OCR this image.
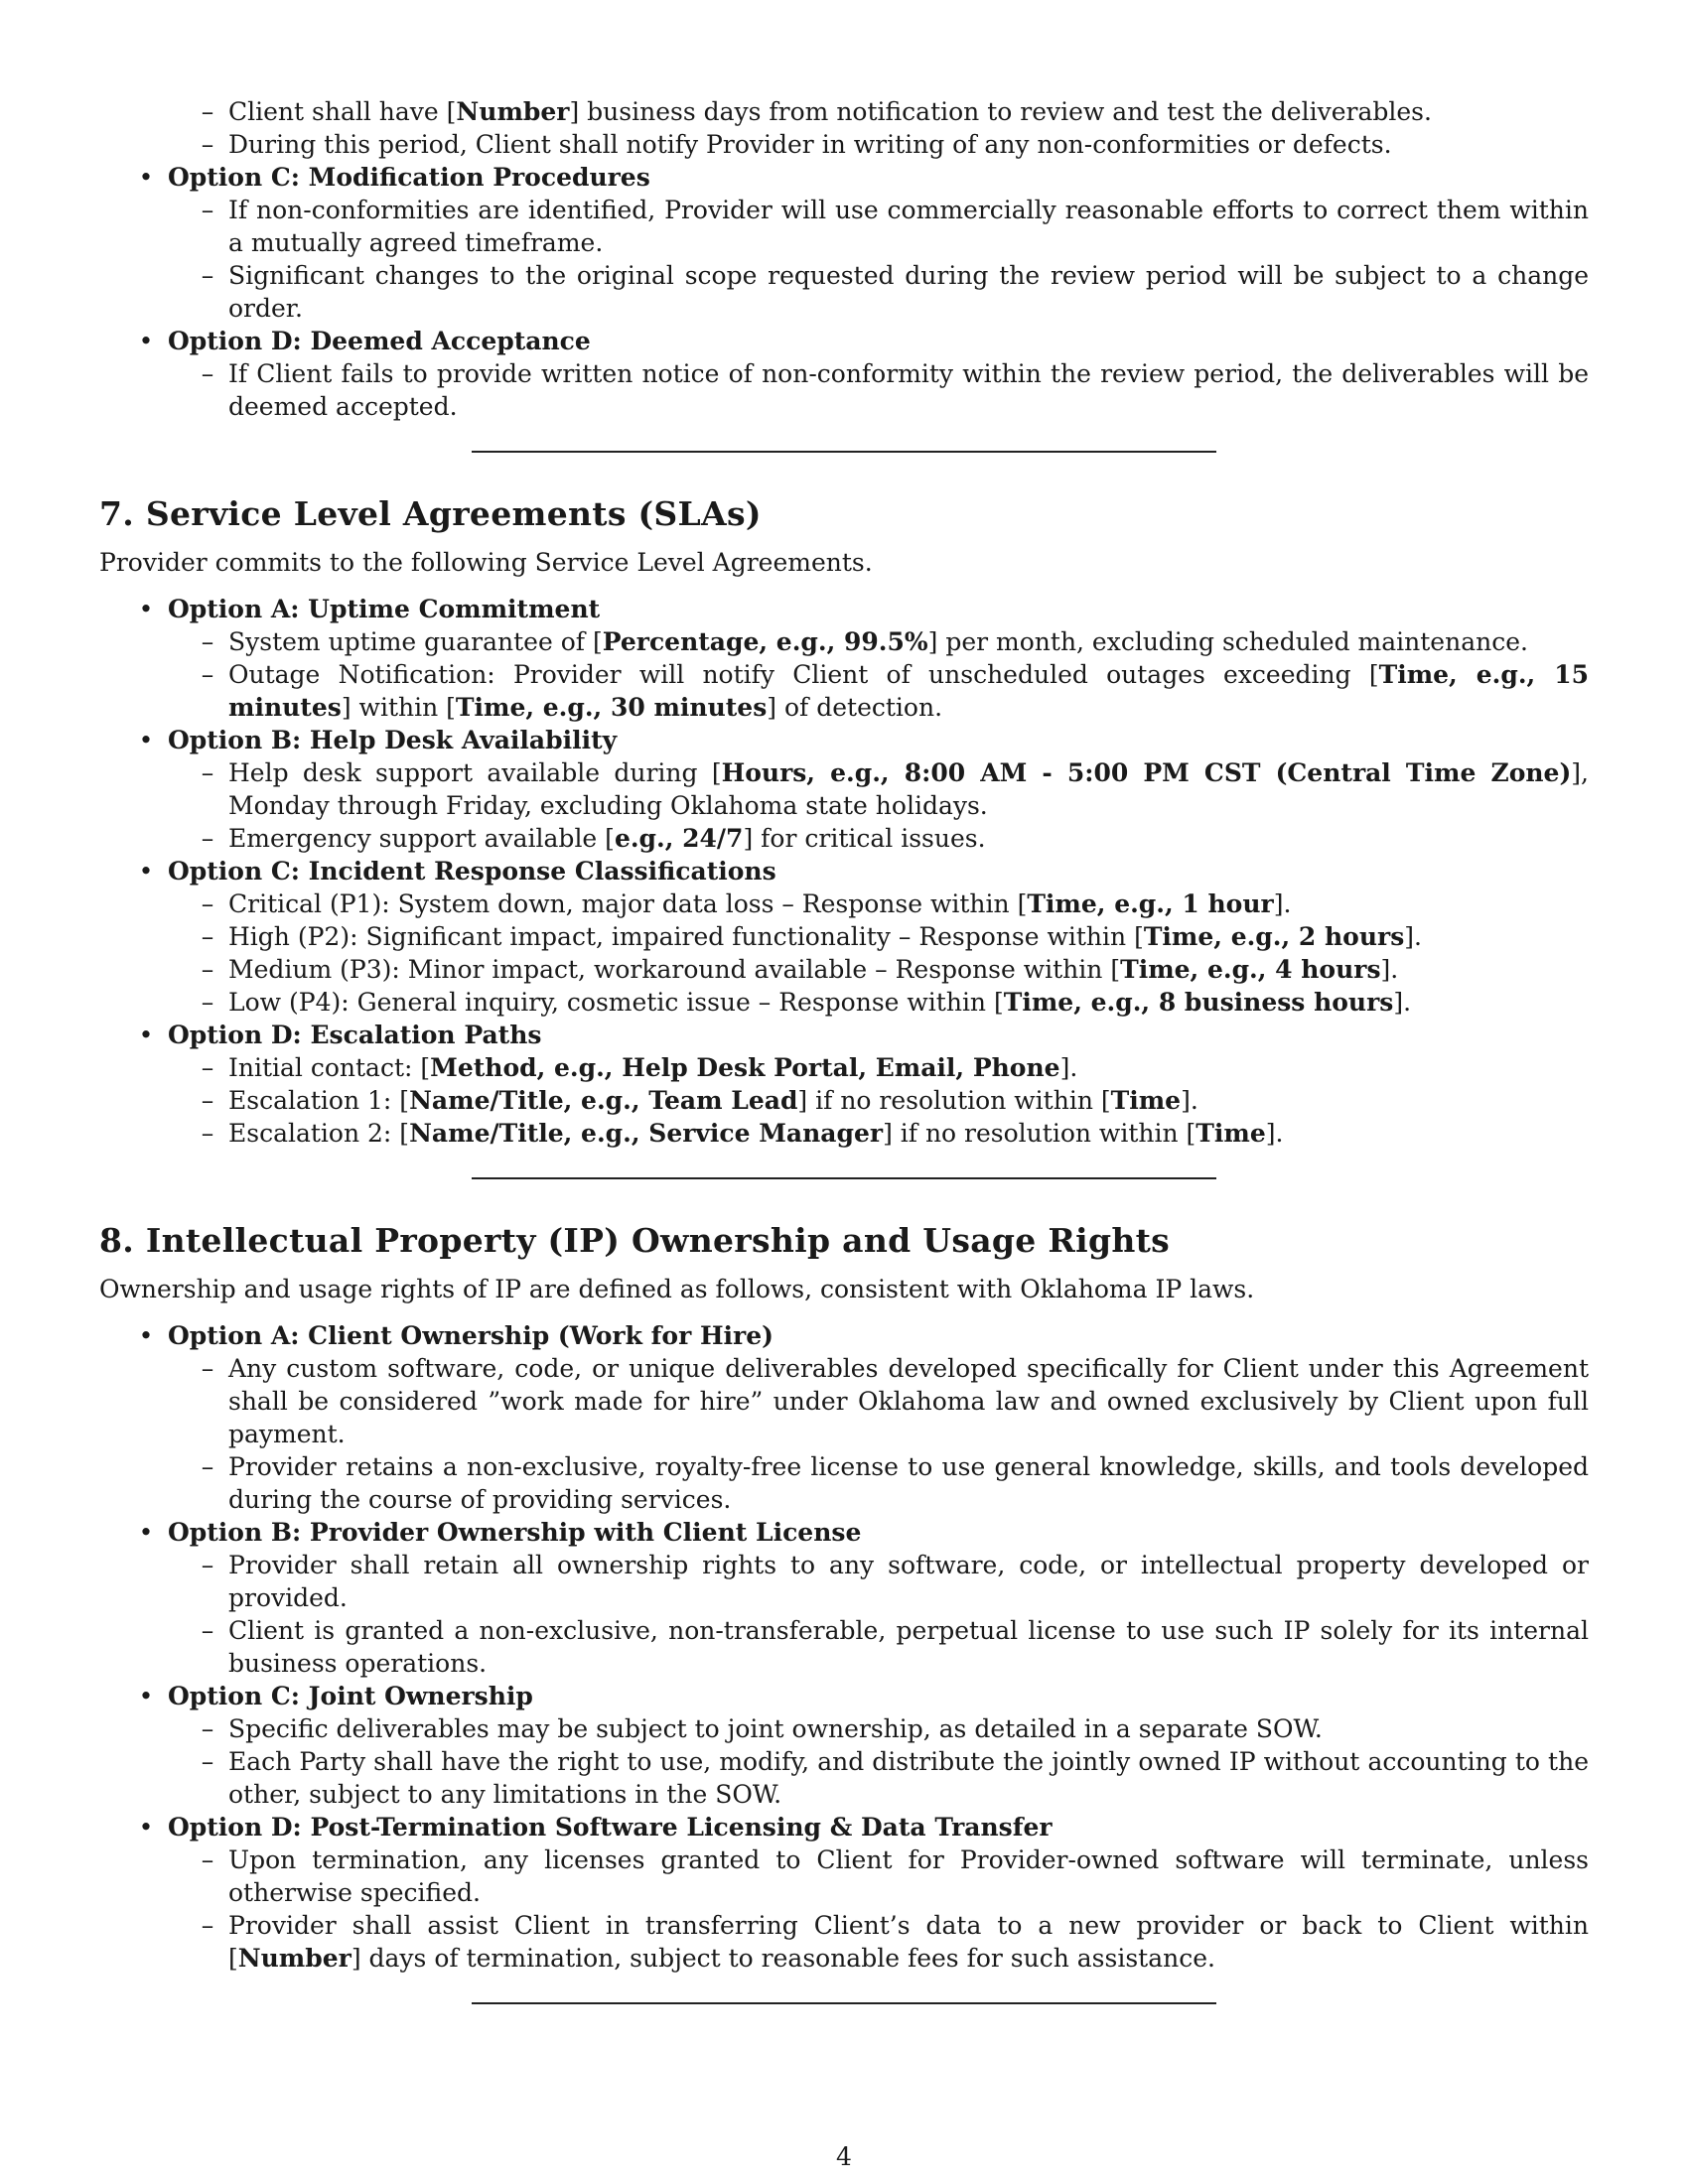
– Client shall have [Number] business days from notification to review and test the deliverables.
– During this period, Client shall notify Provider in writing of any non-conformities or defects.
• Option C: Modification Procedures
– If non-conformities are identified, Provider will use commercially reasonable efforts to correct them within a mutually agreed timeframe.
– Significant changes to the original scope requested during the review period will be subject to a change order.
• Option D: Deemed Acceptance
– If Client fails to provide written notice of non-conformity within the review period, the deliverables will be deemed accepted.
7. Service Level Agreements (SLAs)

Provider commits to the following Service Level Agreements.

• Option A: Uptime Commitment
– System uptime guarantee of [Percentage, e.g., 99.5%] per month, excluding scheduled maintenance.
– Outage Notification: Provider will notify Client of unscheduled outages exceeding [Time, e.g., 15 minutes] within [Time, e.g., 30 minutes] of detection.
• Option B: Help Desk Availability
– Help desk support available during [Hours, e.g., 8:00 AM - 5:00 PM CST (Central Time Zone)], Monday through Friday, excluding Oklahoma state holidays.
– Emergency support available [e.g., 24/7] for critical issues.
• Option C: Incident Response Classifications
– Critical (P1): System down, major data loss – Response within [Time, e.g., 1 hour].
– High (P2): Significant impact, impaired functionality – Response within [Time, e.g., 2 hours].
– Medium (P3): Minor impact, workaround available – Response within [Time, e.g., 4 hours].
– Low (P4): General inquiry, cosmetic issue – Response within [Time, e.g., 8 business hours].
• Option D: Escalation Paths
– Initial contact: [Method, e.g., Help Desk Portal, Email, Phone].
– Escalation 1: [Name/Title, e.g., Team Lead] if no resolution within [Time].
– Escalation 2: [Name/Title, e.g., Service Manager] if no resolution within [Time].
8. Intellectual Property (IP) Ownership and Usage Rights

Ownership and usage rights of IP are defined as follows, consistent with Oklahoma IP laws.

• Option A: Client Ownership (Work for Hire)
– Any custom software, code, or unique deliverables developed specifically for Client under this Agreement shall be considered ”work made for hire” under Oklahoma law and owned exclusively by Client upon full payment.
– Provider retains a non-exclusive, royalty-free license to use general knowledge, skills, and tools developed during the course of providing services.
• Option B: Provider Ownership with Client License
– Provider shall retain all ownership rights to any software, code, or intellectual property developed or provided.
– Client is granted a non-exclusive, non-transferable, perpetual license to use such IP solely for its internal business operations.
• Option C: Joint Ownership
– Specific deliverables may be subject to joint ownership, as detailed in a separate SOW.
– Each Party shall have the right to use, modify, and distribute the jointly owned IP without accounting to the other, subject to any limitations in the SOW.
• Option D: Post-Termination Software Licensing & Data Transfer
– Upon termination, any licenses granted to Client for Provider-owned software will terminate, unless otherwise specified.
– Provider shall assist Client in transferring Client’s data to a new provider or back to Client within [Number] days of termination, subject to reasonable fees for such assistance.
4
